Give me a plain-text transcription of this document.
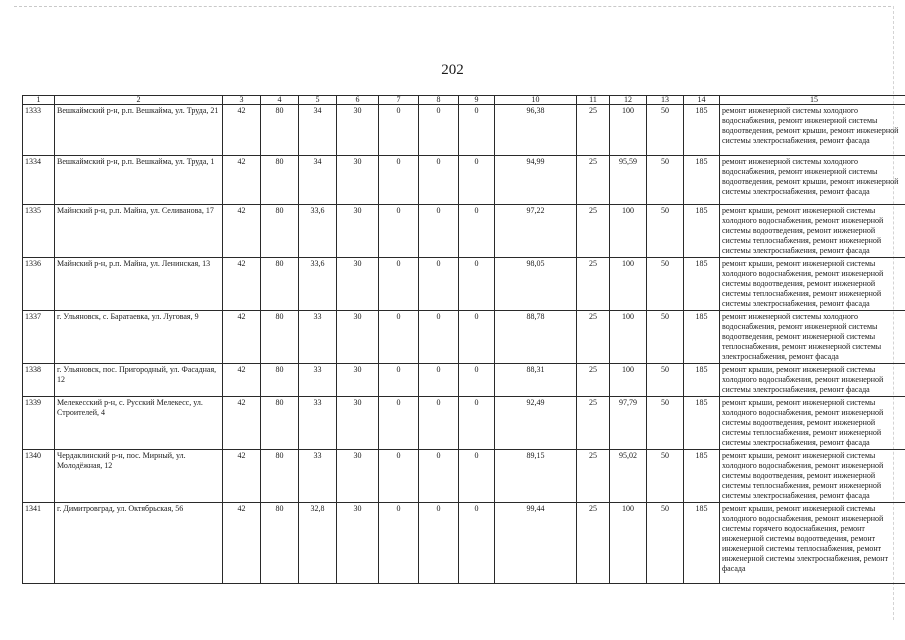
202
1	2	3	4	5	6	7	8	9	10	11	12	13	14	15
1333	Вешкаймский р-н, р.п. Вешкайма, ул. Труда, 21	42	80	34	30	0	0	0	96,38	25	100	50	185	ремонт инженерной системы холодного водоснабжения, ремонт инженерной системы водоотведения, ремонт крыши, ремонт инженерной системы электроснабжения, ремонт фасада
1334	Вешкаймский р-н, р.п. Вешкайма, ул. Труда, 1	42	80	34	30	0	0	0	94,99	25	95,59	50	185	ремонт инженерной системы холодного водоснабжения, ремонт инженерной системы водоотведения, ремонт крыши, ремонт инженерной системы электроснабжения, ремонт фасада
1335	Майнский р-н, р.п. Майна, ул. Селиванова, 17	42	80	33,6	30	0	0	0	97,22	25	100	50	185	ремонт крыши, ремонт инженерной системы холодного водоснабжения, ремонт инженерной системы водоотведения, ремонт инженерной системы теплоснабжения, ремонт инженерной системы электроснабжения, ремонт фасада
1336	Майнский р-н, р.п. Майна, ул. Ленинская, 13	42	80	33,6	30	0	0	0	98,05	25	100	50	185	ремонт крыши, ремонт инженерной системы холодного водоснабжения, ремонт инженерной системы водоотведения, ремонт инженерной системы теплоснабжения, ремонт инженерной системы электроснабжения, ремонт фасада
1337	г. Ульяновск, с. Баратаевка, ул. Луговая, 9	42	80	33	30	0	0	0	88,78	25	100	50	185	ремонт инженерной системы холодного водоснабжения, ремонт инженерной системы водоотведения, ремонт инженерной системы теплоснабжения, ремонт инженерной системы электроснабжения, ремонт фасада
1338	г. Ульяновск, пос. Пригородный, ул. Фасадная, 12	42	80	33	30	0	0	0	88,31	25	100	50	185	ремонт крыши, ремонт инженерной системы холодного водоснабжения, ремонт инженерной системы электроснабжения, ремонт фасада
1339	Мелекесский р-н, с. Русский Мелекесс, ул. Строителей, 4	42	80	33	30	0	0	0	92,49	25	97,79	50	185	ремонт крыши, ремонт инженерной системы холодного водоснабжения, ремонт инженерной системы водоотведения, ремонт инженерной системы теплоснабжения, ремонт инженерной системы электроснабжения, ремонт фасада
1340	Чердаклинский р-н, пос. Мирный, ул. Молодёжная, 12	42	80	33	30	0	0	0	89,15	25	95,02	50	185	ремонт крыши, ремонт инженерной системы холодного водоснабжения, ремонт инженерной системы водоотведения, ремонт инженерной системы теплоснабжения, ремонт инженерной системы электроснабжения, ремонт фасада
1341	г. Димитровград, ул. Октябрьская, 56	42	80	32,8	30	0	0	0	99,44	25	100	50	185	ремонт крыши, ремонт инженерной системы холодного водоснабжения, ремонт инженерной системы горячего водоснабжения, ремонт инженерной системы водоотведения, ремонт инженерной системы теплоснабжения, ремонт инженерной системы электроснабжения, ремонт фасада
